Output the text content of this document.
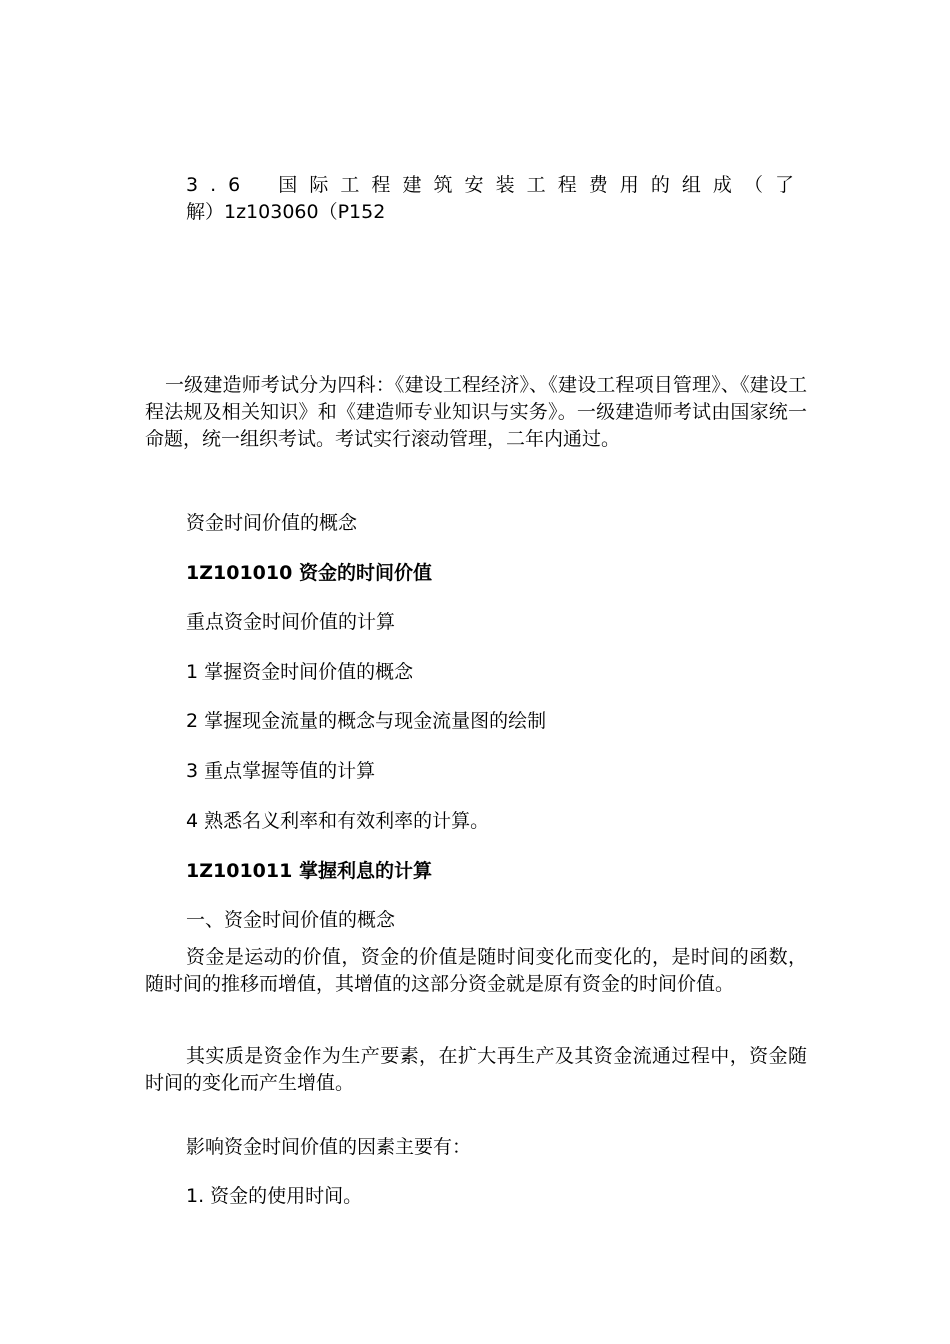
3.6 国际工程建筑安装工程费用的组成（了
解）1z103060（P152
一级建造师考试分为四科：《建设工程经济》、《建设工程项目管理》、《建设工程法规及相关知识》和《建造师专业知识与实务》。一级建造师考试由国家统一命题，统一组织考试。考试实行滚动管理，二年内通过。
资金时间价值的概念
1Z101010 资金的时间价值
重点资金时间价值的计算
1 掌握资金时间价值的概念
2 掌握现金流量的概念与现金流量图的绘制
3 重点掌握等值的计算
4 熟悉名义利率和有效利率的计算。
1Z101011 掌握利息的计算
一、资金时间价值的概念
资金是运动的价值，资金的价值是随时间变化而变化的，是时间的函数，随时间的推移而增值，其增值的这部分资金就是原有资金的时间价值。
其实质是资金作为生产要素，在扩大再生产及其资金流通过程中，资金随时间的变化而产生增值。
影响资金时间价值的因素主要有：
1. 资金的使用时间。
